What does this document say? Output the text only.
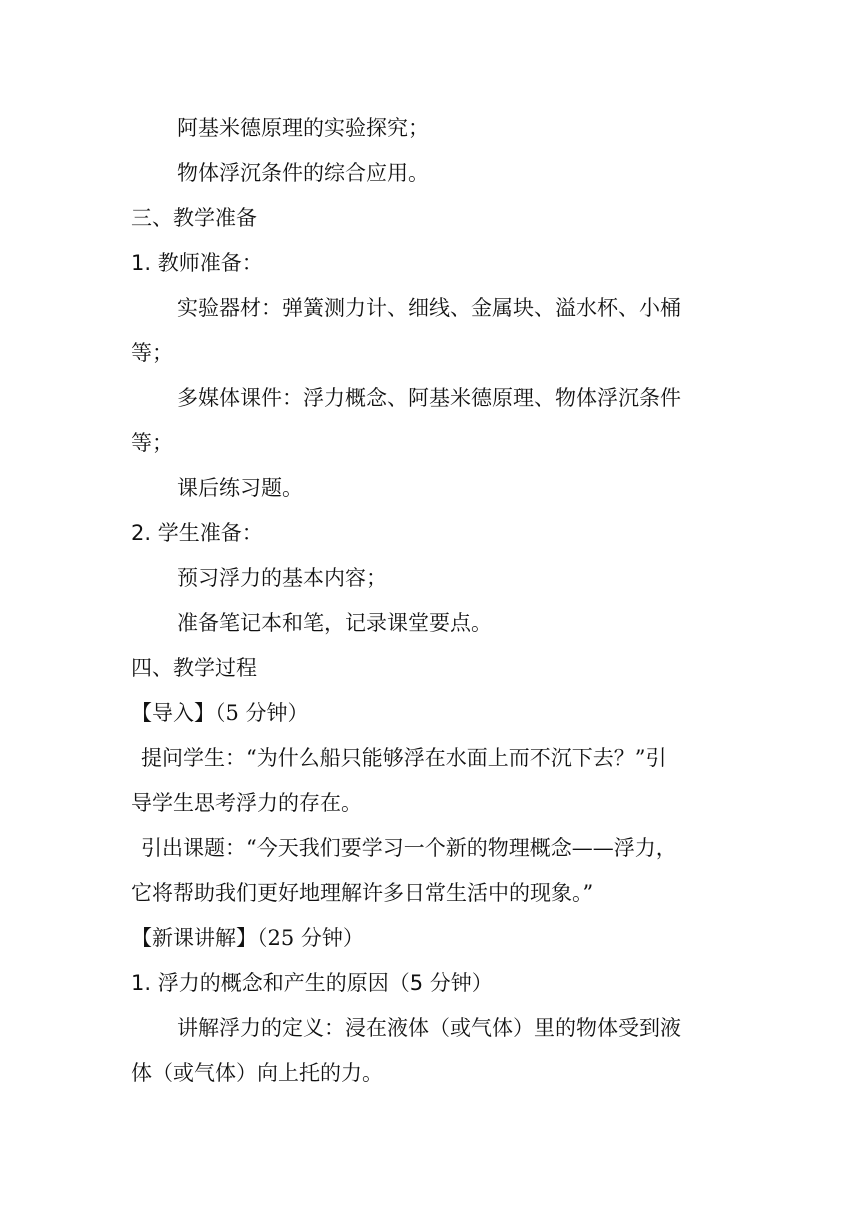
阿基米德原理的实验探究；
物体浮沉条件的综合应用。
三、教学准备
1. 教师准备：
实验器材：弹簧测力计、细线、金属块、溢水杯、小桶
等；
多媒体课件：浮力概念、阿基米德原理、物体浮沉条件
等；
课后练习题。
2. 学生准备：
预习浮力的基本内容；
准备笔记本和笔，记录课堂要点。
四、教学过程
【导入】（5 分钟）
提问学生：“为什么船只能够浮在水面上而不沉下去？”引
导学生思考浮力的存在。
引出课题：“今天我们要学习一个新的物理概念——浮力，
它将帮助我们更好地理解许多日常生活中的现象。”
【新课讲解】（25 分钟）
1. 浮力的概念和产生的原因（5 分钟）
讲解浮力的定义：浸在液体（或气体）里的物体受到液
体（或气体）向上托的力。
